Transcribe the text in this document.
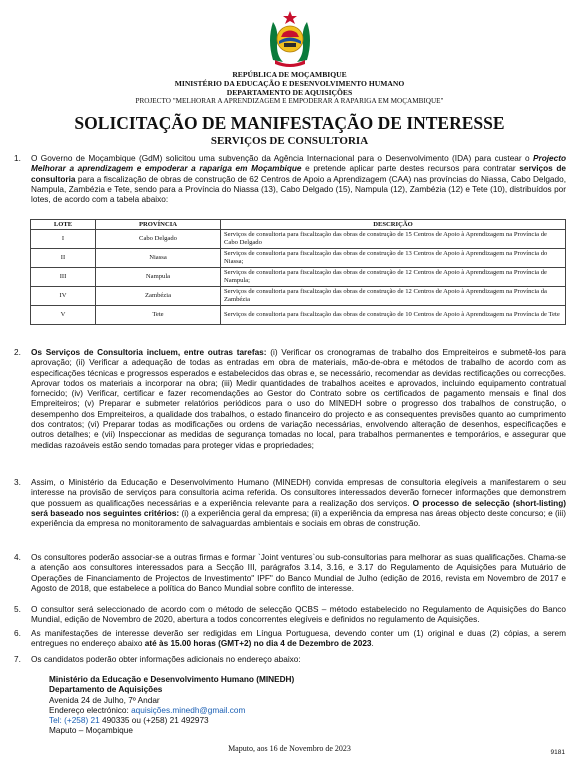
REPÚBLICA DE MOÇAMBIQUE
MINISTÉRIO DA EDUCAÇÃO E DESENVOLVIMENTO HUMANO
DEPARTAMENTO DE AQUISIÇÕES
PROJECTO "MELHORAR A APRENDIZAGEM E EMPODERAR A RAPARIGA EM MOÇAMBIQUE"
SOLICITAÇÃO DE MANIFESTAÇÃO DE INTERESSE
SERVIÇOS DE CONSULTORIA
1. O Governo de Moçambique (GdM) solicitou uma subvenção da Agência Internacional para o Desenvolvimento (IDA) para custear o Projecto Melhorar a aprendizagem e empoderar a rapariga em Moçambique e pretende aplicar parte destes recursos para contratar serviços de consultoria para a fiscalização de obras de construção de 62 Centros de Apoio a Aprendizagem (CAA) nas províncias do Niassa, Cabo Delgado, Nampula, Zambézia e Tete, sendo para a Província do Niassa (13), Cabo Delgado (15), Nampula (12), Zambézia (12) e Tete (10), distribuídos por lotes, de acordo com a tabela abaixo:
LOTE	PROVÍNCIA	DESCRIÇÃO
I	Cabo Delgado	Serviços de consultoria para fiscalização das obras de construção de 15 Centros de Apoio à Aprendizagem na Província de Cabo Delgado
II	Niassa	Serviços de consultoria para fiscalização das obras de construção de 13 Centros de Apoio à Aprendizagem na Província do Niassa;
III	Nampula	Serviços de consultoria para fiscalização das obras de construção de 12 Centros de Apoio à Aprendizagem na Província de Nampula;
IV	Zambézia	Serviços de consultoria para fiscalização das obras de construção de 12 Centros de Apoio à Aprendizagem na Província da Zambézia
V	Tete	Serviços de consultoria para fiscalização das obras de construção de 10 Centros de Apoio à Aprendizagem na Província de Tete
2. Os Serviços de Consultoria incluem, entre outras tarefas: (i) Verificar os cronogramas de trabalho dos Empreiteiros e submetê-los para aprovação; (ii) Verificar a adequação de todas as entradas em obra de materiais, mão-de-obra e métodos de trabalho de acordo com as especificações técnicas e progressos esperados e estabelecidos das obras e, se necessário, recomendar as devidas rectificações ou correcções. Aprovar todos os materiais a incorporar na obra; (iii) Medir quantidades de trabalhos aceites e aprovados, incluindo equipamento contratual fornecido; (iv) Verificar, certificar e fazer recomendações ao Gestor do Contrato sobre os certificados de pagamento mensais e final dos Empreiteiros; (v) Preparar e submeter relatórios periódicos para o uso do MINEDH sobre o progresso dos trabalhos de construção, o desempenho dos Empreiteiros, a qualidade dos trabalhos, o estado financeiro do projecto e as consequentes previsões quanto ao cumprimento dos contratos; (vi) Preparar todas as modificações ou ordens de variação necessárias, envolvendo alteração de desenhos, especificações e outros detalhes; e (vii) Inspeccionar as medidas de segurança tomadas no local, para trabalhos permanentes e temporários, e assegurar que medidas razoáveis estão sendo tomadas para proteger vidas e propriedades;
3. Assim, o Ministério da Educação e Desenvolvimento Humano (MINEDH) convida empresas de consultoria elegíveis a manifestarem o seu interesse na provisão de serviços para consultoria acima referida. Os consultores interessados deverão fornecer informações que demonstrem que possuem as qualificações necessárias e a experiência relevante para a realização dos serviços. O processo de selecção (short-listing) será baseado nos seguintes critérios: (i) a experiência geral da empresa; (ii) a experiência da empresa nas áreas objecto deste concurso; e (iii) experiência da empresa no monitoramento de salvaguardas ambientais e sociais em obras de construção.
4. Os consultores poderão associar-se a outras firmas e formar `Joint ventures`ou sub-consultorias para melhorar as suas qualificações. Chama-se a atenção aos consultores interessados para a Secção III, parágrafos 3.14, 3.16, e 3.17 do Regulamento de Aquisições para Mutuário de Operações de Financiamento de Projectos de Investimento" IPF" do Banco Mundial de Julho (edição de 2016, revista em Novembro de 2017 e Agosto de 2018, que estabelece a política do Banco Mundial sobre conflito de interesse.
5. O consultor será seleccionado de acordo com o método de selecção QCBS – método estabelecido no Regulamento de Aquisições do Banco Mundial, edição de Novembro de 2020, abertura a todos concorrentes elegíveis e definidos no regulamento de Aquisições.
6. As manifestações de interesse deverão ser redigidas em Língua Portuguesa, devendo conter um (1) original e duas (2) cópias, a serem entregues no endereço abaixo até às 15.00 horas (GMT+2) no dia 4 de Dezembro de 2023.
7. Os candidatos poderão obter informações adicionais no endereço abaixo:
Ministério da Educação e Desenvolvimento Humano (MINEDH)
Departamento de Aquisições
Avenida 24 de Julho, 7º Andar
Endereço electrónico: aquisições.minedh@gmail.com
Tel: (+258) 21 490335 ou (+258) 21 492973
Maputo – Moçambique
Maputo, aos 16 de Novembro de 2023	9181
